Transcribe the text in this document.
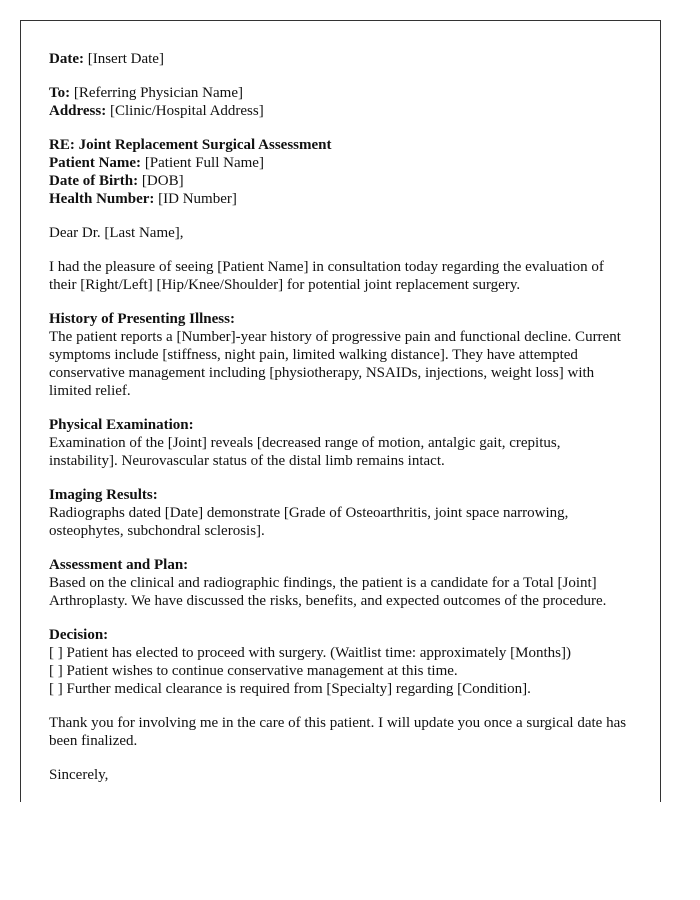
Date: [Insert Date]
To: [Referring Physician Name]
Address: [Clinic/Hospital Address]
RE: Joint Replacement Surgical Assessment
Patient Name: [Patient Full Name]
Date of Birth: [DOB]
Health Number: [ID Number]

Dear Dr. [Last Name],

I had the pleasure of seeing [Patient Name] in consultation today regarding the evaluation of their [Right/Left] [Hip/Knee/Shoulder] for potential joint replacement surgery.

History of Presenting Illness:

The patient reports a [Number]-year history of progressive pain and functional decline. Current symptoms include [stiffness, night pain, limited walking distance]. They have attempted conservative management including [physiotherapy, NSAIDs, injections, weight loss] with limited relief.

Physical Examination:

Examination of the [Joint] reveals [decreased range of motion, antalgic gait, crepitus, instability]. Neurovascular status of the distal limb remains intact.

Imaging Results:

Radiographs dated [Date] demonstrate [Grade of Osteoarthritis, joint space narrowing, osteophytes, subchondral sclerosis].

Assessment and Plan:

Based on the clinical and radiographic findings, the patient is a candidate for a Total [Joint] Arthroplasty. We have discussed the risks, benefits, and expected outcomes of the procedure.

Decision:
[ ] Patient has elected to proceed with surgery. (Waitlist time: approximately [Months])
[ ] Patient wishes to continue conservative management at this time.
[ ] Further medical clearance is required from [Specialty] regarding [Condition].

Thank you for involving me in the care of this patient. I will update you once a surgical date has been finalized.

Sincerely,
